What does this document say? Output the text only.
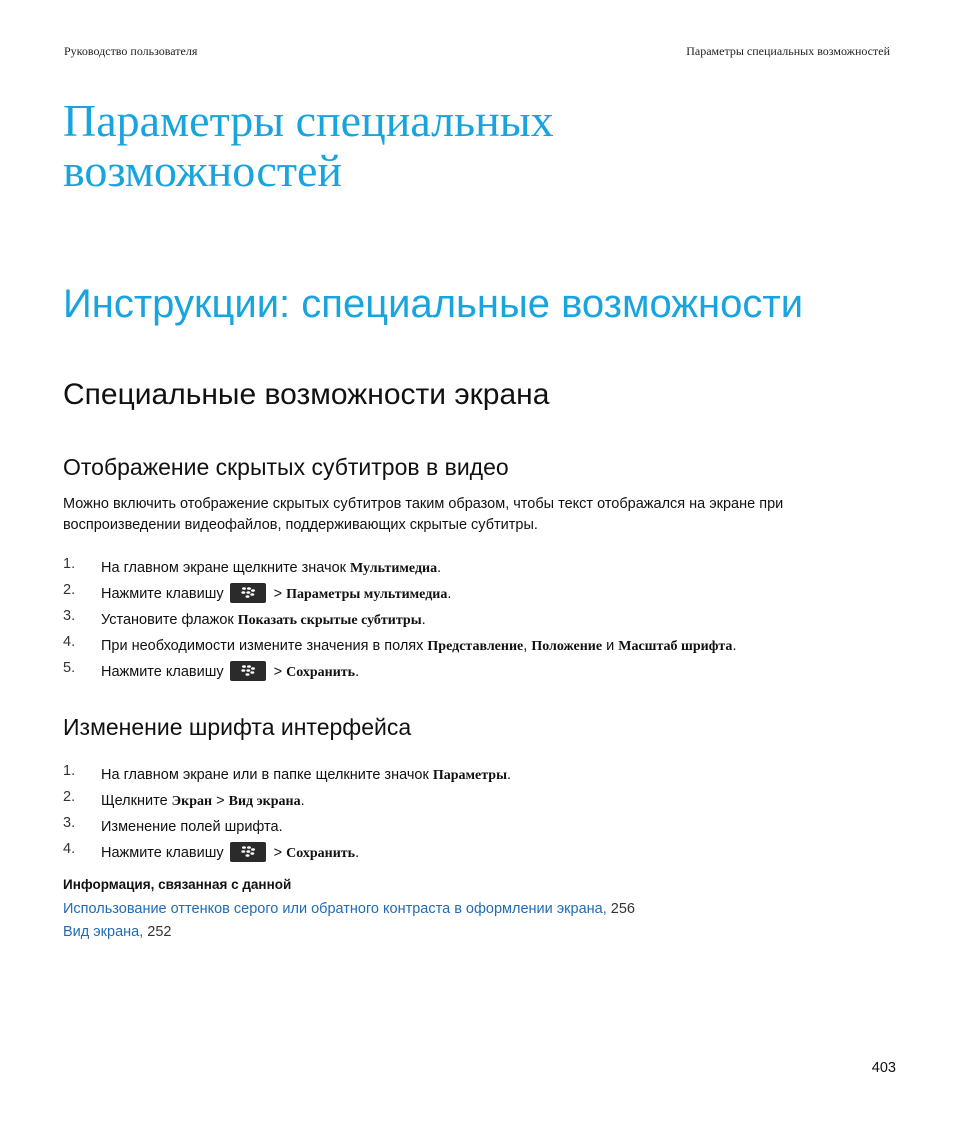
Руководство пользователя	Параметры специальных возможностей
Параметры специальных
возможностей
Инструкции: специальные возможности
Специальные возможности экрана
Отображение скрытых субтитров в видео

Можно включить отображение скрытых субтитров таким образом, чтобы текст отображался на экране при
воспроизведении видеофайлов, поддерживающих скрытые субтитры.

1.	На главном экране щелкните значок Мультимедиа.
2.	Нажмите клавишу	> Параметры мультимедиа.
3.	Установите флажок Показать скрытые субтитры.
4.	При необходимости измените значения в полях Представление, Положение и Масштаб шрифта.
5.	Нажмите клавишу	> Сохранить.
Изменение шрифта интерфейса
1.	На главном экране или в папке щелкните значок Параметры.
2.	Щелкните Экран > Вид экрана.
3.	Изменение полей шрифта.
4.	Нажмите клавишу	> Сохранить.
Информация, связанная с данной
Использование оттенков серого или обратного контраста в оформлении экрана, 256
Вид экрана, 252
403
